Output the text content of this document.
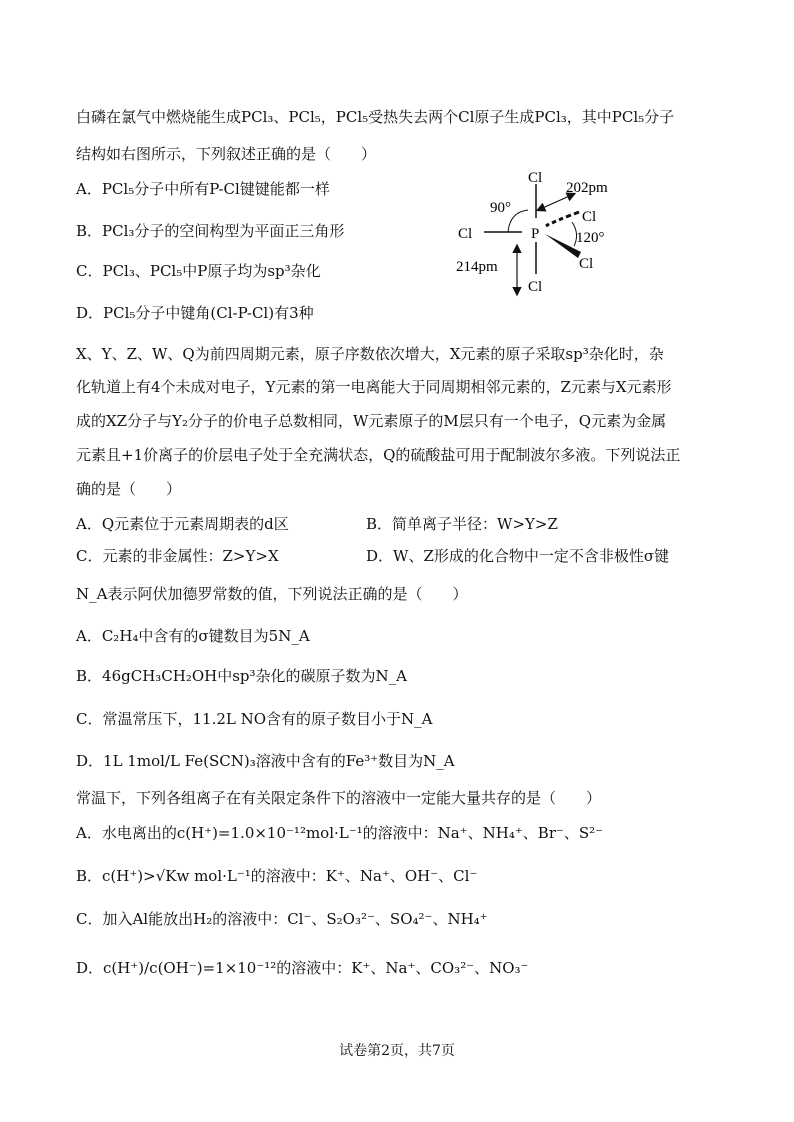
白磷在氯气中燃烧能生成PCl₃、PCl₅，PCl₅受热失去两个Cl原子生成PCl₃，其中PCl₅分子
结构如右图所示，下列叙述正确的是（　　）
A．PCl₅分子中所有P-Cl键键能都一样
B．PCl₃分子的空间构型为平面正三角形
C．PCl₃、PCl₅中P原子均为sp³杂化
D．PCl₅分子中键角(Cl-P-Cl)有3种
Cl
Cl	P
Cl
Cl
Cl
90°
120°
202pm
214pm
X、Y、Z、W、Q为前四周期元素，原子序数依次增大，X元素的原子采取sp³杂化时，杂
化轨道上有4个未成对电子，Y元素的第一电离能大于同周期相邻元素的，Z元素与X元素形
成的XZ分子与Y₂分子的价电子总数相同，W元素原子的M层只有一个电子，Q元素为金属
元素且+1价离子的价层电子处于全充满状态，Q的硫酸盐可用于配制波尔多液。下列说法正
确的是（　　）
A．Q元素位于元素周期表的d区	B．简单离子半径：W>Y>Z
C．元素的非金属性：Z>Y>X	D．W、Z形成的化合物中一定不含非极性σ键
N_A表示阿伏加德罗常数的值，下列说法正确的是（　　）
A．C₂H₄中含有的σ键数目为5N_A
B．46gCH₃CH₂OH中sp³杂化的碳原子数为N_A
C．常温常压下，11.2L NO含有的原子数目小于N_A
D．1L 1mol/L Fe(SCN)₃溶液中含有的Fe³⁺数目为N_A
常温下，下列各组离子在有关限定条件下的溶液中一定能大量共存的是（　　）
A．水电离出的c(H⁺)=1.0×10⁻¹²mol·L⁻¹的溶液中：Na⁺、NH₄⁺、Br⁻、S²⁻
B．c(H⁺)>√Kw mol·L⁻¹的溶液中：K⁺、Na⁺、OH⁻、Cl⁻
C．加入Al能放出H₂的溶液中：Cl⁻、S₂O₃²⁻、SO₄²⁻、NH₄⁺
D．c(H⁺)/c(OH⁻)=1×10⁻¹²的溶液中：K⁺、Na⁺、CO₃²⁻、NO₃⁻
试卷第2页，共7页
